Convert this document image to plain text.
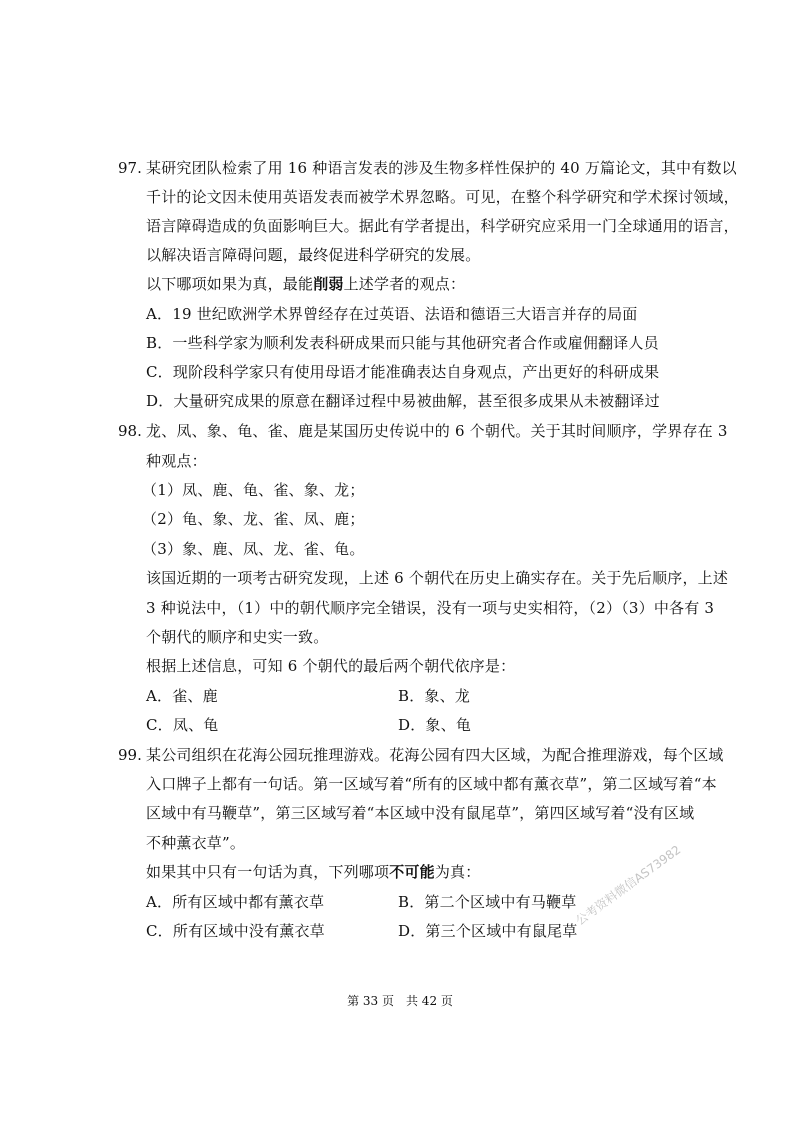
97. 某研究团队检索了用 16 种语言发表的涉及生物多样性保护的 40 万篇论文，其中有数以
千计的论文因未使用英语发表而被学术界忽略。可见，在整个科学研究和学术探讨领域，
语言障碍造成的负面影响巨大。据此有学者提出，科学研究应采用一门全球通用的语言，
以解决语言障碍问题，最终促进科学研究的发展。
以下哪项如果为真，最能削弱上述学者的观点：
A．19 世纪欧洲学术界曾经存在过英语、法语和德语三大语言并存的局面
B．一些科学家为顺利发表科研成果而只能与其他研究者合作或雇佣翻译人员
C．现阶段科学家只有使用母语才能准确表达自身观点，产出更好的科研成果
D．大量研究成果的原意在翻译过程中易被曲解，甚至很多成果从未被翻译过
98. 龙、凤、象、龟、雀、鹿是某国历史传说中的 6 个朝代。关于其时间顺序，学界存在 3
种观点：
（1）凤、鹿、龟、雀、象、龙；
（2）龟、象、龙、雀、凤、鹿；
（3）象、鹿、凤、龙、雀、龟。
该国近期的一项考古研究发现，上述 6 个朝代在历史上确实存在。关于先后顺序，上述
3 种说法中，（1）中的朝代顺序完全错误，没有一项与史实相符，（2）（3）中各有 3
个朝代的顺序和史实一致。
根据上述信息，可知 6 个朝代的最后两个朝代依序是：
A．雀、鹿	B．象、龙
C．凤、龟	D．象、龟
99. 某公司组织在花海公园玩推理游戏。花海公园有四大区域，为配合推理游戏，每个区域
入口牌子上都有一句话。第一区域写着“所有的区域中都有薰衣草”，第二区域写着“本
区域中有马鞭草”，第三区域写着“本区域中没有鼠尾草”，第四区域写着“没有区域
不种薰衣草”。
如果其中只有一句话为真，下列哪项不可能为真：
A．所有区域中都有薰衣草	B．第二个区域中有马鞭草
C．所有区域中没有薰衣草	D．第三个区域中有鼠尾草
公考资料微信AS73982
第 33 页　共 42 页
